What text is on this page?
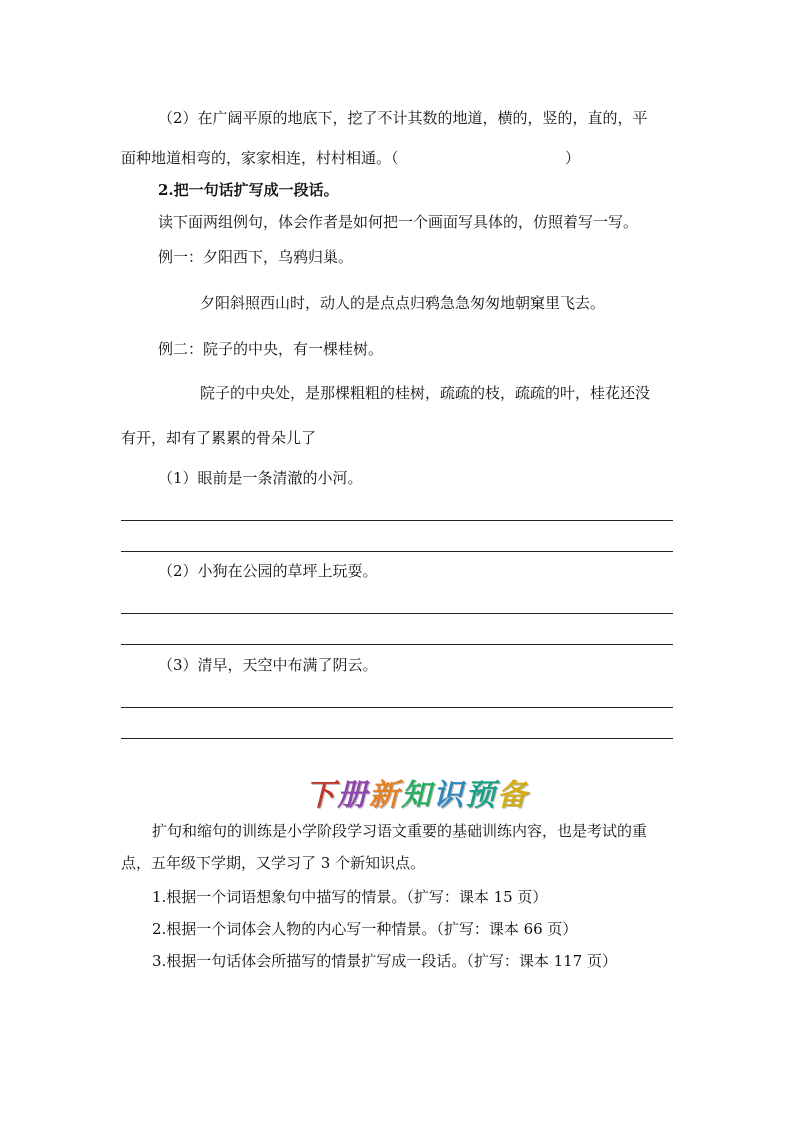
（2）在广阔平原的地底下，挖了不计其数的地道，横的，竖的，直的，平
面种地道相弯的，家家相连，村村相通。（	）
2.把一句话扩写成一段话。
读下面两组例句，体会作者是如何把一个画面写具体的，仿照着写一写。
例一：夕阳西下，乌鸦归巢。
夕阳斜照西山时，动人的是点点归鸦急急匆匆地朝窠里飞去。
例二：院子的中央，有一棵桂树。
院子的中央处，是那棵粗粗的桂树，疏疏的枝，疏疏的叶，桂花还没
有开，却有了累累的骨朵儿了
（1）眼前是一条清澈的小河。
（2）小狗在公园的草坪上玩耍。
（3）清早，天空中布满了阴云。
下册新知识预备
扩句和缩句的训练是小学阶段学习语文重要的基础训练内容，也是考试的重
点，五年级下学期，又学习了 3 个新知识点。
1.根据一个词语想象句中描写的情景。（扩写：课本 15 页）
2.根据一个词体会人物的内心写一种情景。（扩写：课本 66 页）
3.根据一句话体会所描写的情景扩写成一段话。（扩写：课本 117 页）
